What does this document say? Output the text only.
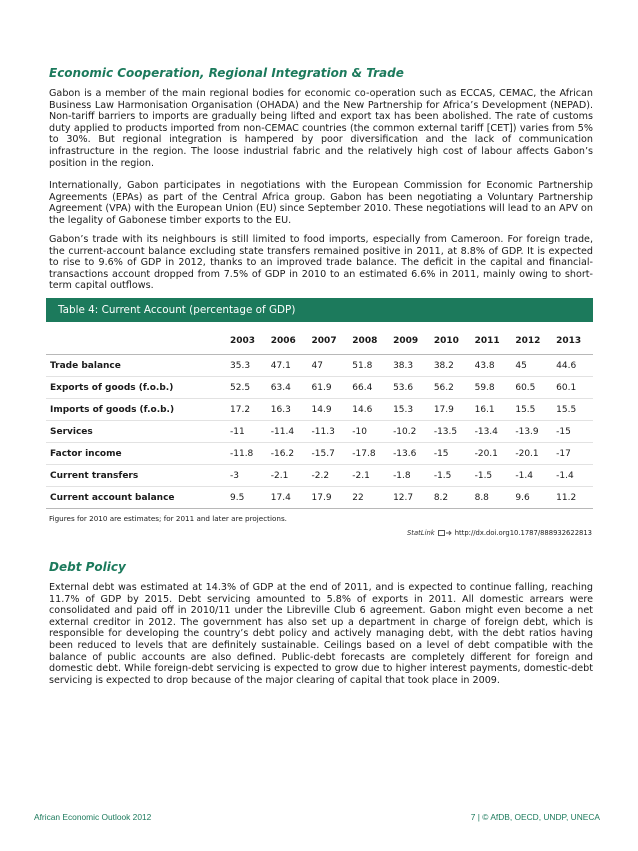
Economic Cooperation, Regional Integration & Trade

Gabon is a member of the main regional bodies for economic co-operation such as ECCAS, CEMAC, the African Business Law Harmonisation Organisation (OHADA) and the New Partnership for Africa’s Development (NEPAD). Non-tariff barriers to imports are gradually being lifted and export tax has been abolished. The rate of customs duty applied to products imported from non-CEMAC countries (the common external tariff [CET]) varies from 5% to 30%. But regional integration is hampered by poor diversification and the lack of communication infrastructure in the region. The loose industrial fabric and the relatively high cost of labour affects Gabon’s position in the region.

Internationally, Gabon participates in negotiations with the European Commission for Economic Partnership Agreements (EPAs) as part of the Central Africa group. Gabon has been negotiating a Voluntary Partnership Agreement (VPA) with the European Union (EU) since September 2010. These negotiations will lead to an APV on the legality of Gabonese timber exports to the EU.

Gabon’s trade with its neighbours is still limited to food imports, especially from Cameroon. For foreign trade, the current-account balance excluding state transfers remained positive in 2011, at 8.8% of GDP. It is expected to rise to 9.6% of GDP in 2012, thanks to an improved trade balance. The deficit in the capital and financial-transactions account dropped from 7.5% of GDP in 2010 to an estimated 6.6% in 2011, mainly owing to short-term capital outflows.

Table 4: Current Account (percentage of GDP)
	2003	2006	2007	2008	2009	2010	2011	2012	2013
Trade balance	35.3	47.1	47	51.8	38.3	38.2	43.8	45	44.6
Exports of goods (f.o.b.)	52.5	63.4	61.9	66.4	53.6	56.2	59.8	60.5	60.1
Imports of goods (f.o.b.)	17.2	16.3	14.9	14.6	15.3	17.9	16.1	15.5	15.5
Services	-11	-11.4	-11.3	-10	-10.2	-13.5	-13.4	-13.9	-15
Factor income	-11.8	-16.2	-15.7	-17.8	-13.6	-15	-20.1	-20.1	-17
Current transfers	-3	-2.1	-2.2	-2.1	-1.8	-1.5	-1.5	-1.4	-1.4
Current account balance	9.5	17.4	17.9	22	12.7	8.2	8.8	9.6	11.2

Figures for 2010 are estimates; for 2011 and later are projections.

StatLink	http://dx.doi.org10.1787/888932622813

Debt Policy

External debt was estimated at 14.3% of GDP at the end of 2011, and is expected to continue falling, reaching 11.7% of GDP by 2015. Debt servicing amounted to 5.8% of exports in 2011. All domestic arrears were consolidated and paid off in 2010/11 under the Libreville Club 6 agreement. Gabon might even become a net external creditor in 2012. The government has also set up a department in charge of foreign debt, which is responsible for developing the country’s debt policy and actively managing debt, with the debt ratios having been reduced to levels that are definitely sustainable. Ceilings based on a level of debt compatible with the balance of public accounts are also defined. Public-debt forecasts are completely different for foreign and domestic debt. While foreign-debt servicing is expected to grow due to higher interest payments, domestic-debt servicing is expected to drop because of the major clearing of capital that took place in 2009.

African Economic Outlook 2012	7 | © AfDB, OECD, UNDP, UNECA
